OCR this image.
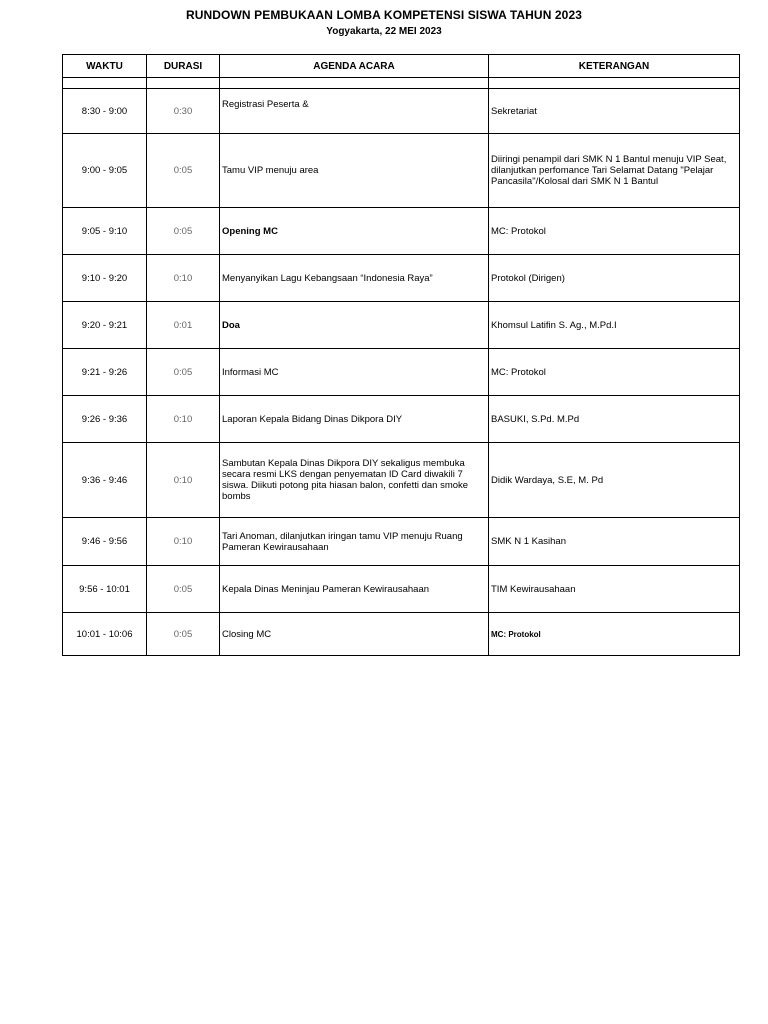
RUNDOWN PEMBUKAAN LOMBA KOMPETENSI SISWA TAHUN 2023
Yogyakarta, 22 MEI 2023
WAKTU	DURASI	AGENDA ACARA	KETERANGAN

8:30 - 9:00	0:30	Registrasi Peserta &	Sekretariat
9:00 - 9:05	0:05	Tamu VIP menuju area	Diiringi penampil dari SMK N 1 Bantul menuju VIP Seat, dilanjutkan perfomance Tari Selamat Datang "Pelajar Pancasila"/Kolosal dari SMK N 1 Bantul
9:05 - 9:10	0:05	Opening MC	MC: Protokol
9:10 - 9:20	0:10	Menyanyikan Lagu Kebangsaan “Indonesia Raya”	Protokol (Dirigen)
9:20 - 9:21	0:01	Doa	Khomsul Latifin S. Ag., M.Pd.I
9:21 - 9:26	0:05	Informasi MC	MC: Protokol
9:26 - 9:36	0:10	Laporan Kepala Bidang Dinas Dikpora DIY	BASUKI, S.Pd. M.Pd
9:36 - 9:46	0:10	Sambutan Kepala Dinas Dikpora DIY sekaligus membuka secara resmi LKS dengan penyematan ID Card diwakili 7 siswa. Diikuti potong pita hiasan balon, confetti dan smoke bombs	Didik Wardaya, S.E, M. Pd
9:46 - 9:56	0:10	Tari Anoman, dilanjutkan iringan tamu VIP menuju Ruang Pameran Kewirausahaan	SMK N 1 Kasihan
9:56 - 10:01	0:05	Kepala Dinas Meninjau Pameran Kewirausahaan	TIM Kewirausahaan
10:01 - 10:06	0:05	Closing MC	MC: Protokol
